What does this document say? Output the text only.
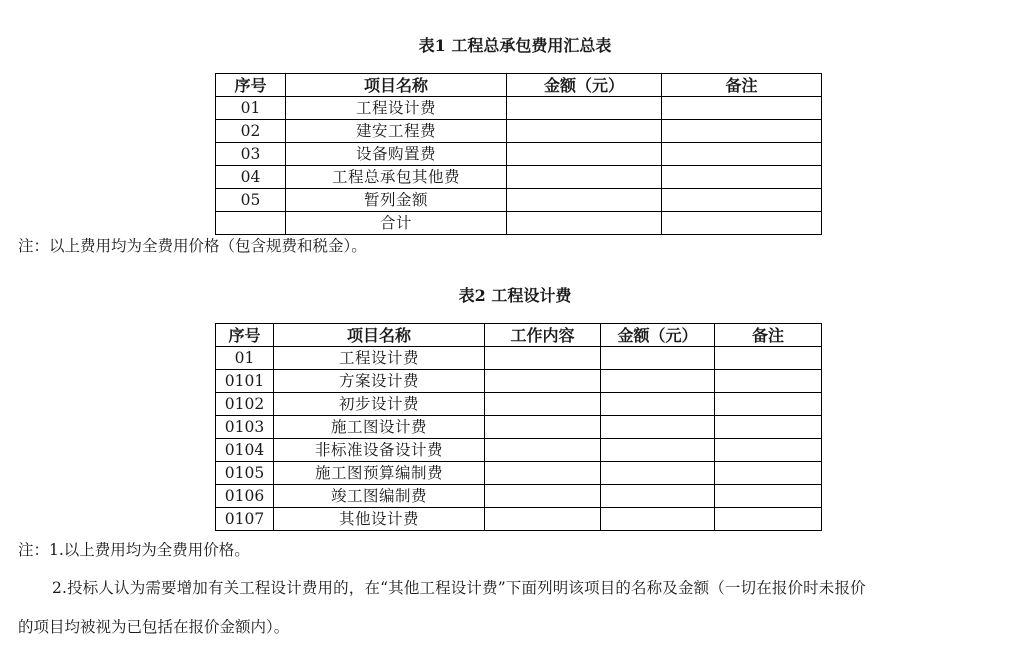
表1 工程总承包费用汇总表
序号	项目名称	金额（元）	备注
01	工程设计费		
02	建安工程费		
03	设备购置费		
04	工程总承包其他费		
05	暂列金额		
	合计		
注：以上费用均为全费用价格（包含规费和税金）。
表2 工程设计费
序号	项目名称	工作内容	金额（元）	备注
01	工程设计费			
0101	方案设计费			
0102	初步设计费			
0103	施工图设计费			
0104	非标准设备设计费			
0105	施工图预算编制费			
0106	竣工图编制费			
0107	其他设计费			
注：1.以上费用均为全费用价格。
2.投标人认为需要增加有关工程设计费用的，在“其他工程设计费”下面列明该项目的名称及金额（一切在报价时未报价
的项目均被视为已包括在报价金额内）。
